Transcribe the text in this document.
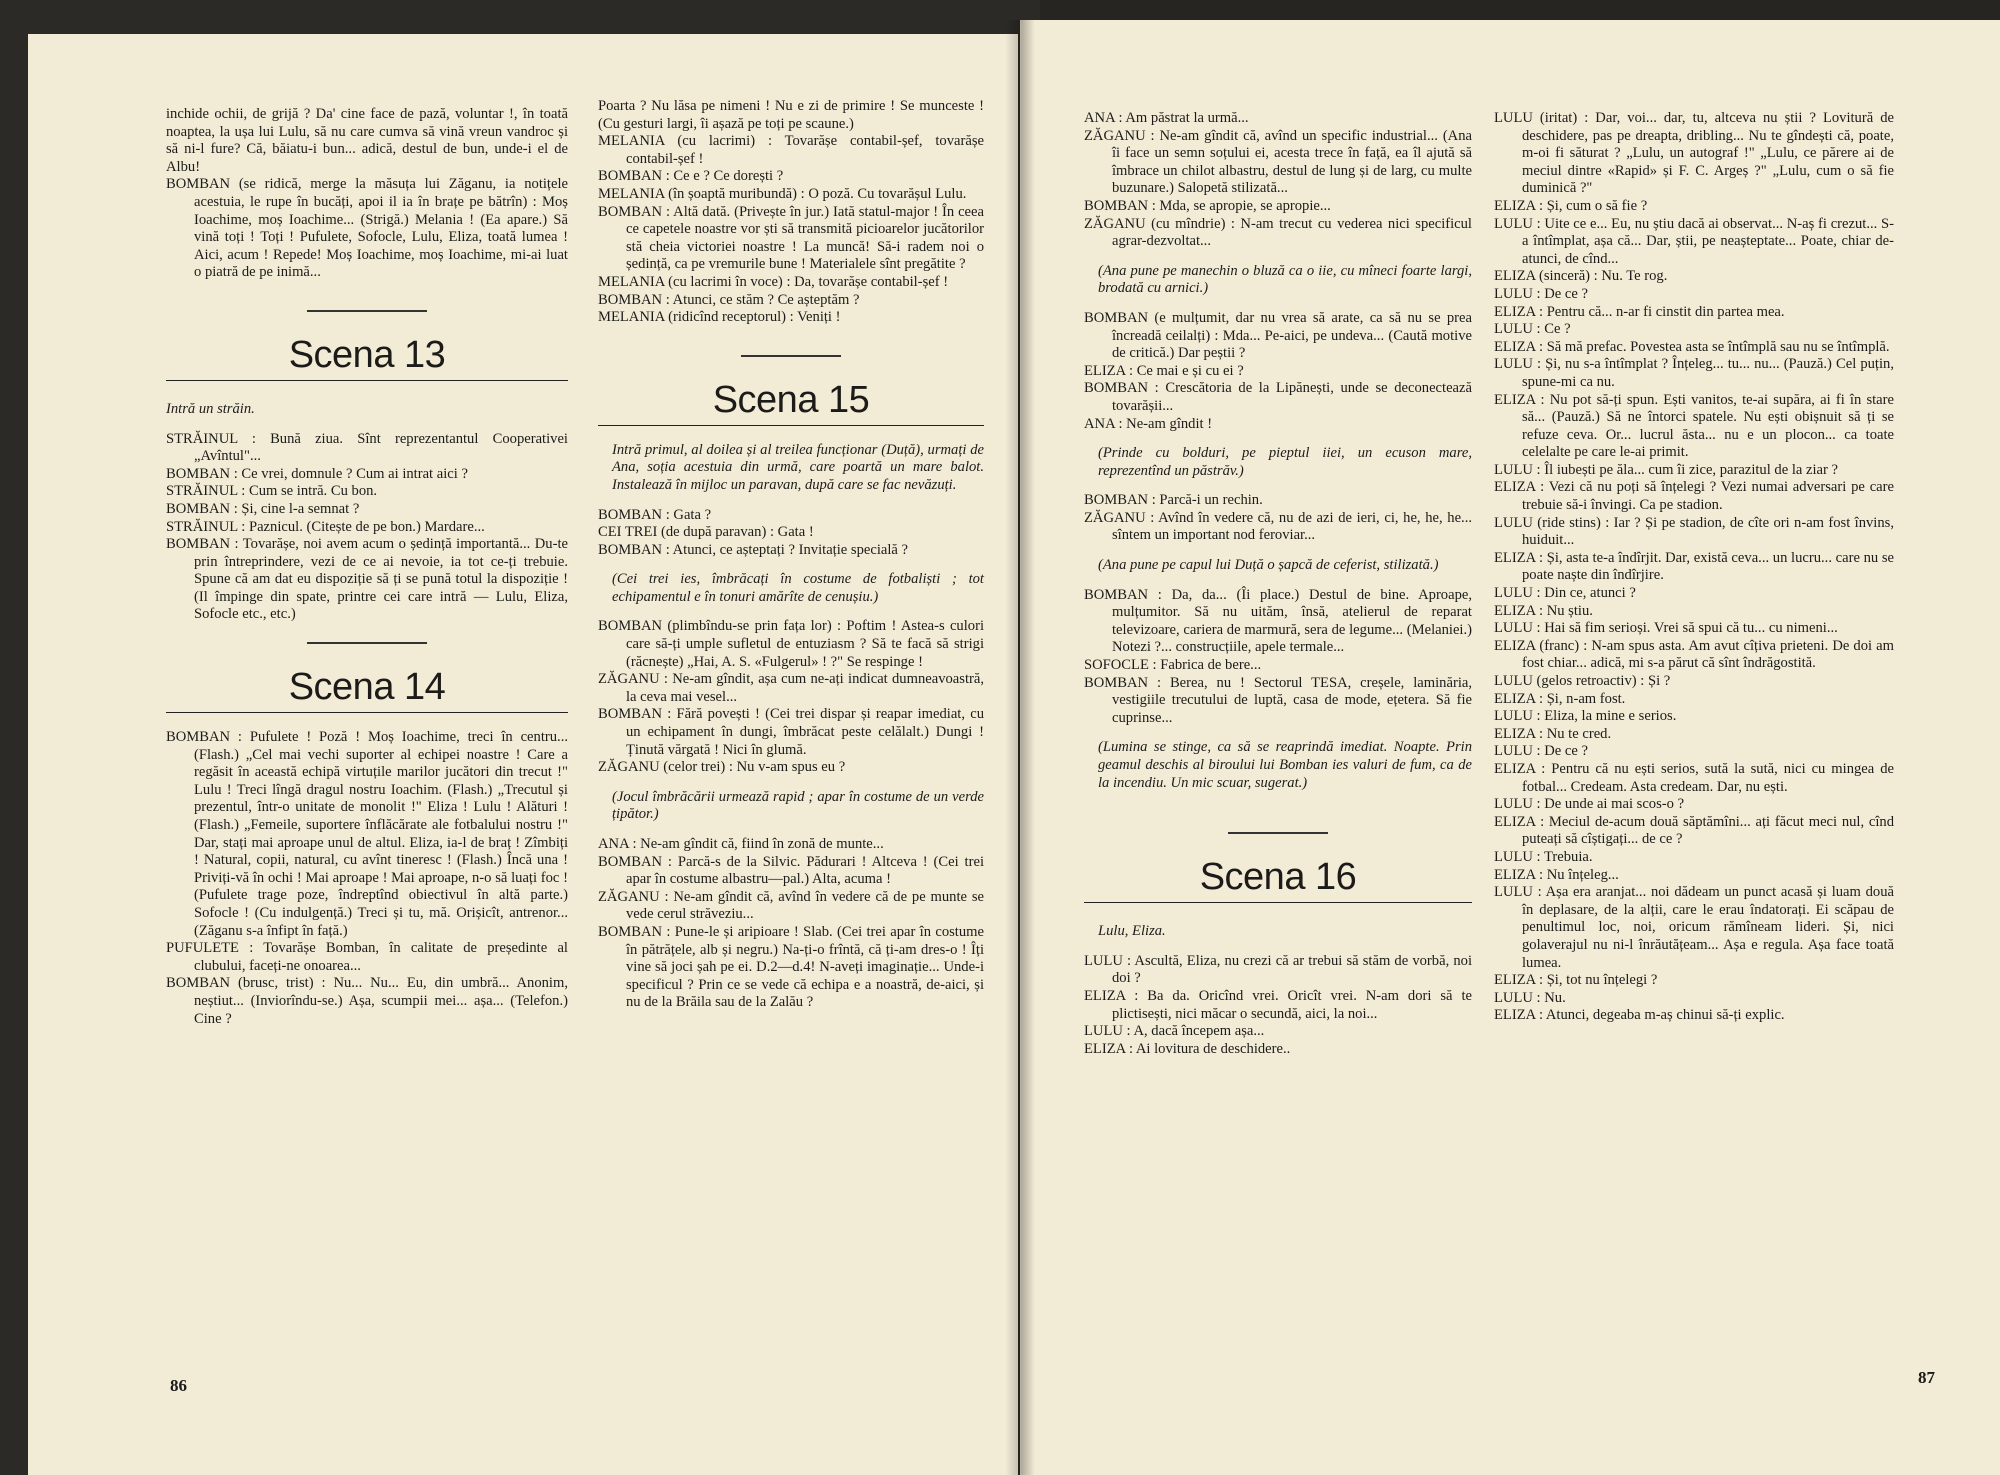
inchide ochii, de grijă ? Da' cine face de pază, voluntar !, în toată noaptea, la ușa lui Lulu, să nu care cumva să vină vreun vandroc și să ni-l fure? Că, băiatu-i bun... adică, destul de bun, unde-i el de Albu!

BOMBAN (se ridică, merge la măsuța lui Zăganu, ia notițele acestuia, le rupe în bucăți, apoi il ia în brațe pe bătrîn) : Moș Ioachime, moș Ioachime... (Strigă.) Melania ! (Ea apare.) Să vină toți ! Toți ! Pufulete, Sofocle, Lulu, Eliza, toată lumea ! Aici, acum ! Repede! Moș Ioachime, moș Ioachime, mi-ai luat o piatră de pe inimă...

Scena 13

Intră un străin.

STRĂINUL : Bună ziua. Sînt reprezentantul Cooperativei „Avîntul"...

BOMBAN : Ce vrei, domnule ? Cum ai intrat aici ?

STRĂINUL : Cum se intră. Cu bon.

BOMBAN : Și, cine l-a semnat ?

STRĂINUL : Paznicul. (Citește de pe bon.) Mardare...

BOMBAN : Tovarășe, noi avem acum o ședință importantă... Du-te prin întreprindere, vezi de ce ai nevoie, ia tot ce-ți trebuie. Spune că am dat eu dispoziție să ți se pună totul la dispoziție ! (Il împinge din spate, printre cei care intră — Lulu, Eliza, Sofocle etc., etc.)

Scena 14

BOMBAN : Pufulete ! Poză ! Moș Ioachime, treci în centru... (Flash.) „Cel mai vechi suporter al echipei noastre ! Care a regăsit în această echipă virtuțile marilor jucători din trecut !" Lulu ! Treci lîngă dragul nostru Ioachim. (Flash.) „Trecutul și prezentul, într-o unitate de monolit !" Eliza ! Lulu ! Alături ! (Flash.) „Femeile, suportere înflăcărate ale fotbalului nostru !" Dar, stați mai aproape unul de altul. Eliza, ia-l de braț ! Zîmbiți ! Natural, copii, natural, cu avînt tineresc ! (Flash.) Încă una ! Priviți-vă în ochi ! Mai aproape ! Mai aproape, n-o să luați foc ! (Pufulete trage poze, îndreptînd obiectivul în altă parte.) Sofocle ! (Cu indulgență.) Treci și tu, mă. Orișicît, antrenor... (Zăganu s-a înfipt în față.)

PUFULETE : Tovarășe Bomban, în calitate de președinte al clubului, faceți-ne onoarea...

BOMBAN (brusc, trist) : Nu... Nu... Eu, din umbră... Anonim, neștiut... (Inviorîndu-se.) Așa, scumpii mei... așa... (Telefon.) Cine ?

Poarta ? Nu lăsa pe nimeni ! Nu e zi de primire ! Se munceste ! (Cu gesturi largi, îi așază pe toți pe scaune.)

MELANIA (cu lacrimi) : Tovarășe contabil-șef, tovarășe contabil-șef !

BOMBAN : Ce e ? Ce dorești ?

MELANIA (în șoaptă muribundă) : O poză. Cu tovarășul Lulu.

BOMBAN : Altă dată. (Privește în jur.) Iată statul-major ! În ceea ce capetele noastre vor ști să transmită picioarelor jucătorilor stă cheia victoriei noastre ! La muncă! Să-i radem noi o ședință, ca pe vremurile bune ! Materialele sînt pregătite ?

MELANIA (cu lacrimi în voce) : Da, tovarășe contabil-șef !

BOMBAN : Atunci, ce stăm ? Ce așteptăm ?

MELANIA (ridicînd receptorul) : Veniți !

Scena 15

Intră primul, al doilea și al treilea funcționar (Duță), urmați de Ana, soția acestuia din urmă, care poartă un mare balot. Instalează în mijloc un paravan, după care se fac nevăzuți.

BOMBAN : Gata ?

CEI TREI (de după paravan) : Gata !

BOMBAN : Atunci, ce așteptați ? Invitație specială ?

(Cei trei ies, îmbrăcați în costume de fotbaliști ; tot echipamentul e în tonuri amărîte de cenușiu.)

BOMBAN (plimbîndu-se prin fața lor) : Poftim ! Astea-s culori care să-ți umple sufletul de entuziasm ? Să te facă să strigi (răcnește) „Hai, A. S. «Fulgerul» ! ?" Se respinge !

ZĂGANU : Ne-am gîndit, așa cum ne-ați indicat dumneavoastră, la ceva mai vesel...

BOMBAN : Fără povești ! (Cei trei dispar și reapar imediat, cu un echipament în dungi, îmbrăcat peste celălalt.) Dungi ! Ținută vărgată ! Nici în glumă.

ZĂGANU (celor trei) : Nu v-am spus eu ?

(Jocul îmbrăcării urmează rapid ; apar în costume de un verde țipător.)

ANA : Ne-am gîndit că, fiind în zonă de munte...

BOMBAN : Parcă-s de la Silvic. Pădurari ! Altceva ! (Cei trei apar în costume albastru—pal.) Alta, acuma !

ZĂGANU : Ne-am gîndit că, avînd în vedere că de pe munte se vede cerul străveziu...

BOMBAN : Pune-le și aripioare ! Slab. (Cei trei apar în costume în pătrățele, alb și negru.) Na-ți-o frîntă, că ți-am dres-o ! Îți vine să joci șah pe ei. D.2—d.4! N-aveți imaginație... Unde-i specificul ? Prin ce se vede că echipa e a noastră, de-aici, și nu de la Brăila sau de la Zalău ?

86

ANA : Am păstrat la urmă...

ZĂGANU : Ne-am gîndit că, avînd un specific industrial... (Ana îi face un semn soțului ei, acesta trece în față, ea îl ajută să îmbrace un chilot albastru, destul de lung și de larg, cu multe buzunare.) Salopetă stilizată...

BOMBAN : Mda, se apropie, se apropie...

ZĂGANU (cu mîndrie) : N-am trecut cu vederea nici specificul agrar-dezvoltat...

(Ana pune pe manechin o bluză ca o iie, cu mîneci foarte largi, brodată cu arnici.)

BOMBAN (e mulțumit, dar nu vrea să arate, ca să nu se prea încreadă ceilalți) : Mda... Pe-aici, pe undeva... (Caută motive de critică.) Dar peștii ?

ELIZA : Ce mai e și cu ei ?

BOMBAN : Crescătoria de la Lipănești, unde se deconectează tovarășii...

ANA : Ne-am gîndit !

(Prinde cu bolduri, pe pieptul iiei, un ecuson mare, reprezentînd un păstrăv.)

BOMBAN : Parcă-i un rechin.

ZĂGANU : Avînd în vedere că, nu de azi de ieri, ci, he, he, he... sîntem un important nod feroviar...

(Ana pune pe capul lui Duță o șapcă de ceferist, stilizată.)

BOMBAN : Da, da... (Îi place.) Destul de bine. Aproape, mulțumitor. Să nu uităm, însă, atelierul de reparat televizoare, cariera de marmură, sera de legume... (Melaniei.) Notezi ?... construcțiile, apele termale...

SOFOCLE : Fabrica de bere...

BOMBAN : Berea, nu ! Sectorul TESA, creșele, laminăria, vestigiile trecutului de luptă, casa de mode, ețetera. Să fie cuprinse...

(Lumina se stinge, ca să se reaprindă imediat. Noapte. Prin geamul deschis al biroului lui Bomban ies valuri de fum, ca de la incendiu. Un mic scuar, sugerat.)

Scena 16

Lulu, Eliza.

LULU : Ascultă, Eliza, nu crezi că ar trebui să stăm de vorbă, noi doi ?

ELIZA : Ba da. Oricînd vrei. Oricît vrei. N-am dori să te plictisești, nici măcar o secundă, aici, la noi...

LULU : A, dacă începem așa...

ELIZA : Ai lovitura de deschidere..

LULU (iritat) : Dar, voi... dar, tu, altceva nu știi ? Lovitură de deschidere, pas pe dreapta, dribling... Nu te gîndești că, poate, m-oi fi săturat ? „Lulu, un autograf !" „Lulu, ce părere ai de meciul dintre «Rapid» și F. C. Argeș ?" „Lulu, cum o să fie duminică ?"

ELIZA : Și, cum o să fie ?

LULU : Uite ce e... Eu, nu știu dacă ai observat... N-aș fi crezut... S-a întîmplat, așa că... Dar, știi, pe neașteptate... Poate, chiar de-atunci, de cînd...

ELIZA (sinceră) : Nu. Te rog.

LULU : De ce ?

ELIZA : Pentru că... n-ar fi cinstit din partea mea.

LULU : Ce ?

ELIZA : Să mă prefac. Povestea asta se întîmplă sau nu se întîmplă.

LULU : Și, nu s-a întîmplat ? Înțeleg... tu... nu... (Pauză.) Cel puțin, spune-mi ca nu.

ELIZA : Nu pot să-ți spun. Ești vanitos, te-ai supăra, ai fi în stare să... (Pauză.) Să ne întorci spatele. Nu ești obișnuit să ți se refuze ceva. Or... lucrul ăsta... nu e un plocon... ca toate celelalte pe care le-ai primit.

LULU : Îl iubești pe ăla... cum îi zice, parazitul de la ziar ?

ELIZA : Vezi că nu poți să înțelegi ? Vezi numai adversari pe care trebuie să-i învingi. Ca pe stadion.

LULU (ride stins) : Iar ? Și pe stadion, de cîte ori n-am fost învins, huiduit...

ELIZA : Și, asta te-a îndîrjit. Dar, există ceva... un lucru... care nu se poate naște din îndîrjire.

LULU : Din ce, atunci ?

ELIZA : Nu știu.

LULU : Hai să fim serioși. Vrei să spui că tu... cu nimeni...

ELIZA (franc) : N-am spus asta. Am avut cîțiva prieteni. De doi am fost chiar... adică, mi s-a părut că sînt îndrăgostită.

LULU (gelos retroactiv) : Și ?

ELIZA : Și, n-am fost.

LULU : Eliza, la mine e serios.

ELIZA : Nu te cred.

LULU : De ce ?

ELIZA : Pentru că nu ești serios, sută la sută, nici cu mingea de fotbal... Credeam. Asta credeam. Dar, nu ești.

LULU : De unde ai mai scos-o ?

ELIZA : Meciul de-acum două săptămîni... ați făcut meci nul, cînd puteați să cîștigați... de ce ?

LULU : Trebuia.

ELIZA : Nu înțeleg...

LULU : Așa era aranjat... noi dădeam un punct acasă și luam două în deplasare, de la alții, care le erau îndatorați. Ei scăpau de penultimul loc, noi, oricum rămîneam lideri. Și, nici golaverajul nu ni-l înrăutățeam... Așa e regula. Așa face toată lumea.

ELIZA : Și, tot nu înțelegi ?

LULU : Nu.

ELIZA : Atunci, degeaba m-aș chinui să-ți explic.

87
